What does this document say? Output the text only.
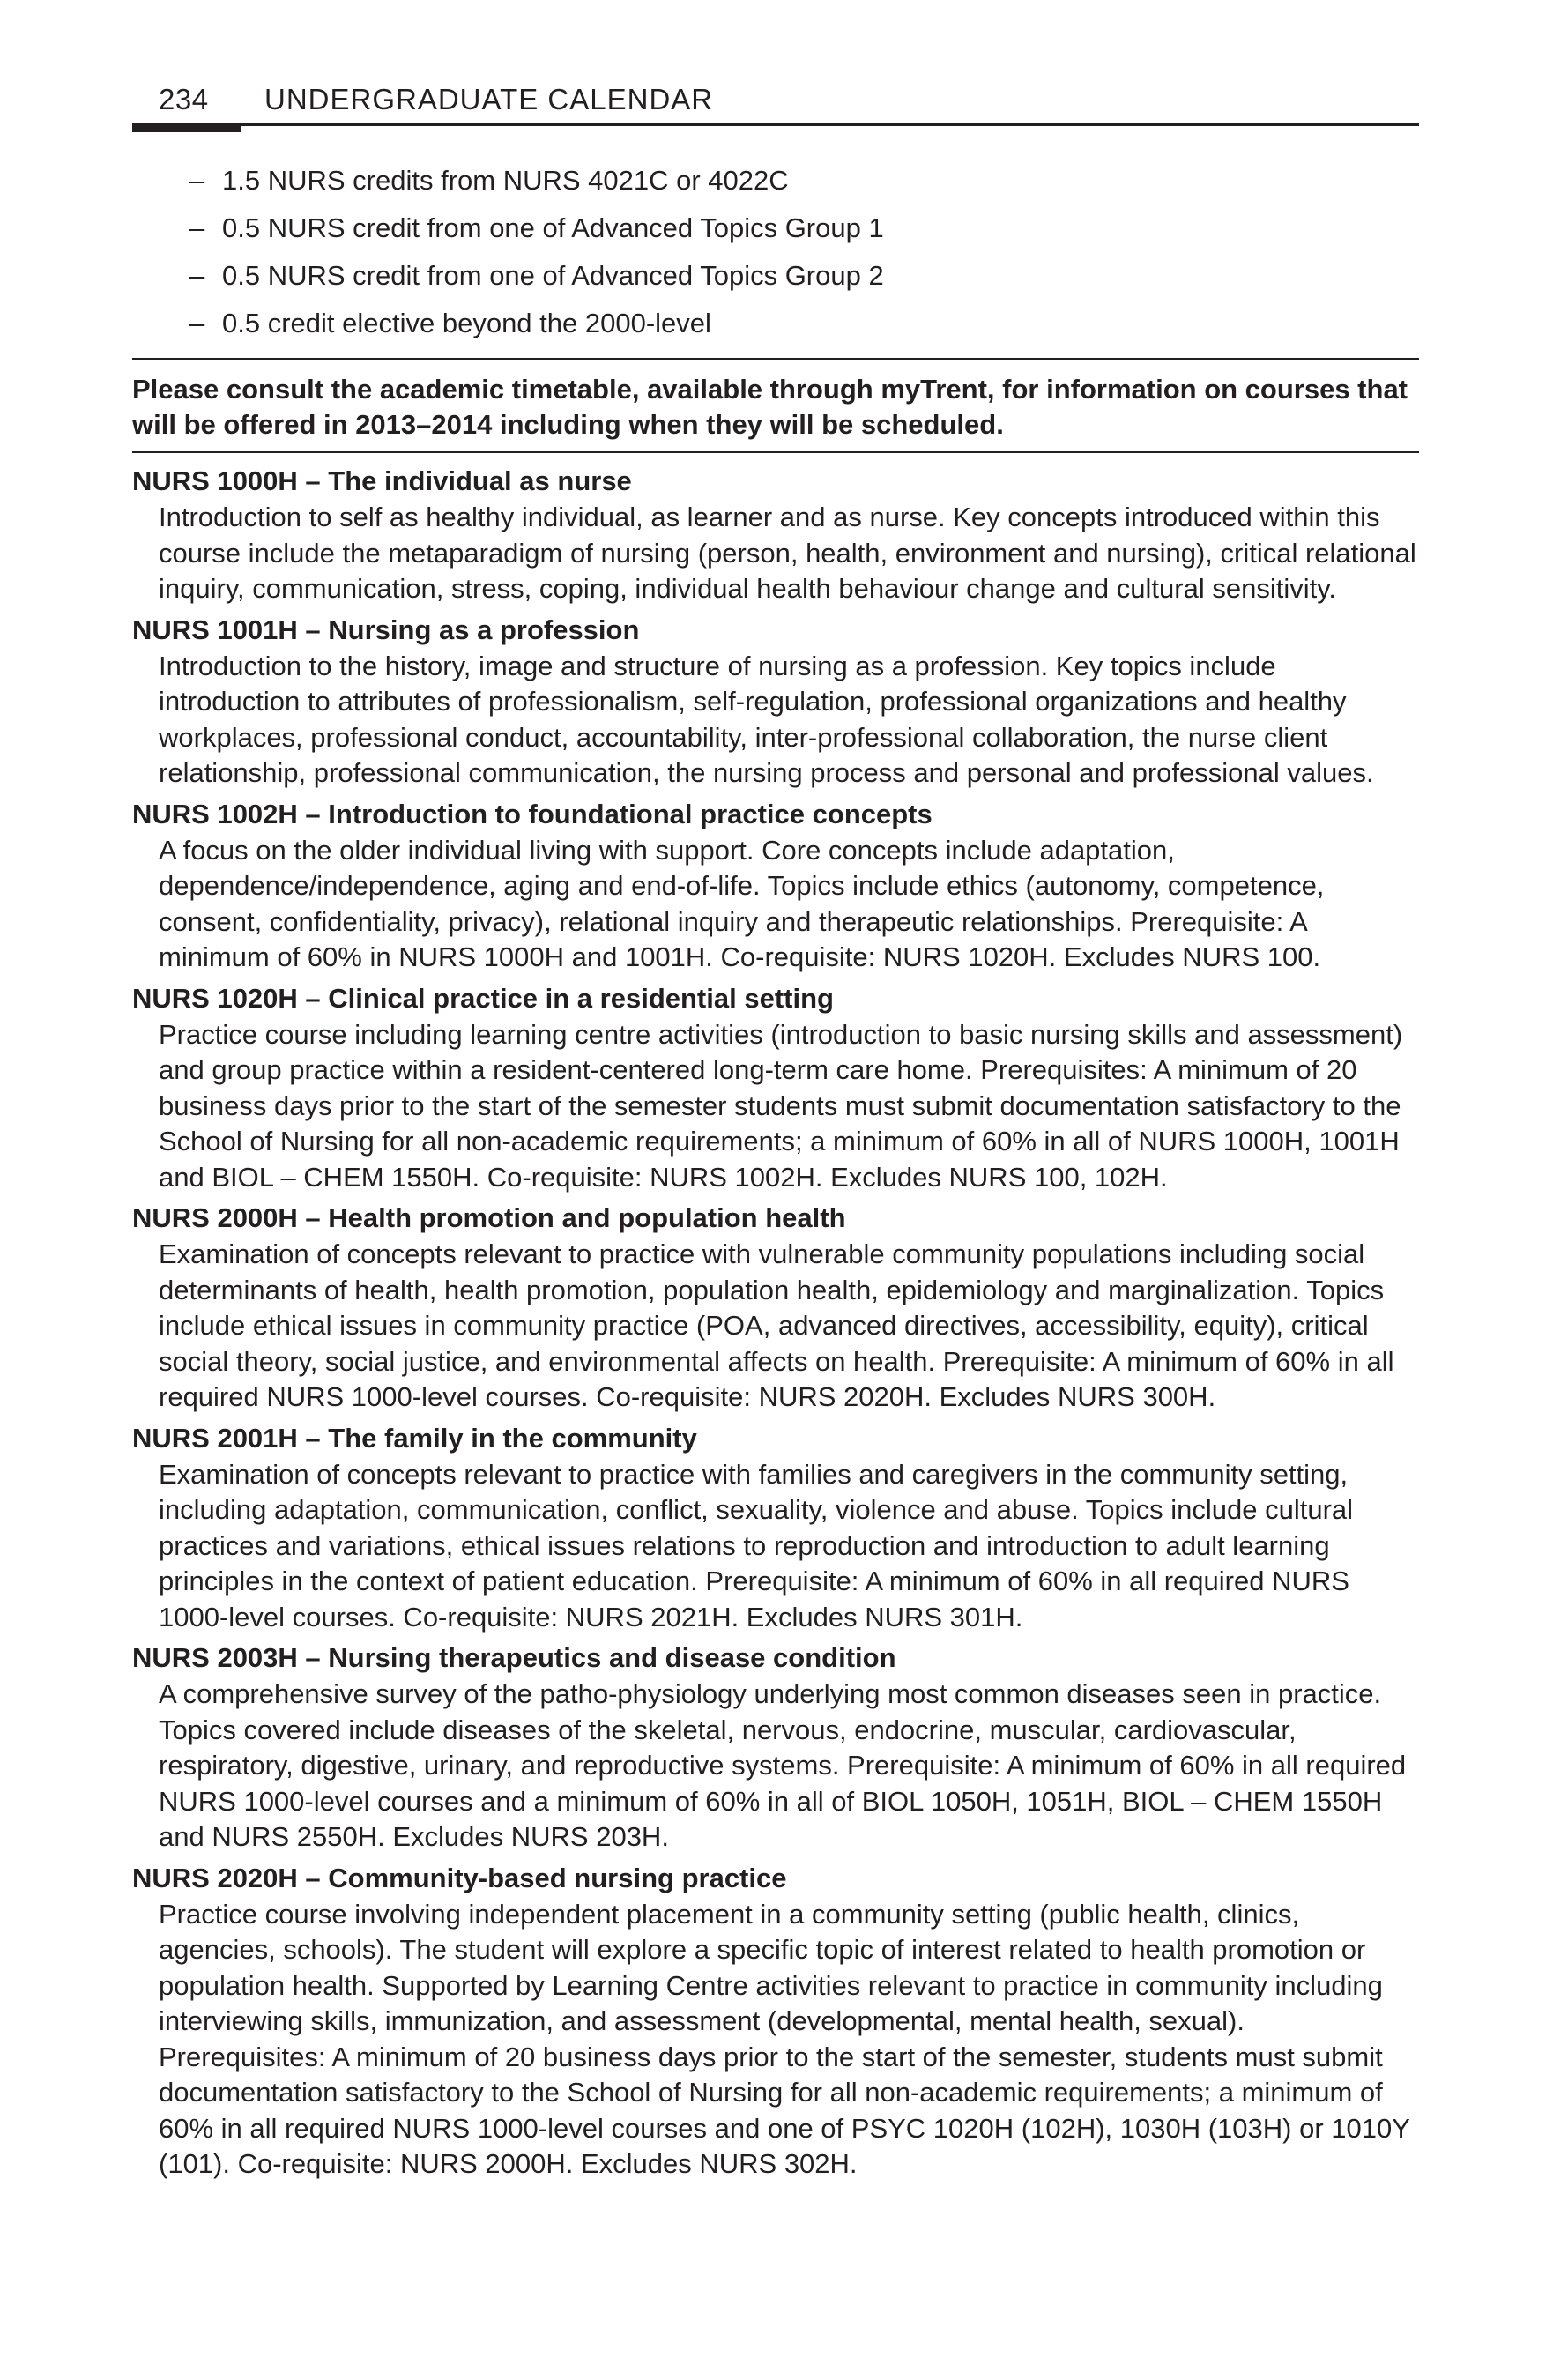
234 UNDERGRADUATE CALENDAR
– 1.5 NURS credits from NURS 4021C or 4022C
– 0.5 NURS credit from one of Advanced Topics Group 1
– 0.5 NURS credit from one of Advanced Topics Group 2
– 0.5 credit elective beyond the 2000-level
Please consult the academic timetable, available through myTrent, for information on courses that will be offered in 2013–2014 including when they will be scheduled.
NURS 1000H – The individual as nurse
Introduction to self as healthy individual, as learner and as nurse. Key concepts introduced within this course include the metaparadigm of nursing (person, health, environment and nursing), critical relational inquiry, communication, stress, coping, individual health behaviour change and cultural sensitivity.
NURS 1001H – Nursing as a profession
Introduction to the history, image and structure of nursing as a profession. Key topics include introduction to attributes of professionalism, self-regulation, professional organizations and healthy workplaces, professional conduct, accountability, inter-professional collaboration, the nurse client relationship, professional communication, the nursing process and personal and professional values.
NURS 1002H – Introduction to foundational practice concepts
A focus on the older individual living with support. Core concepts include adaptation, dependence/independence, aging and end-of-life. Topics include ethics (autonomy, competence, consent, confidentiality, privacy), relational inquiry and therapeutic relationships. Prerequisite: A minimum of 60% in NURS 1000H and 1001H. Co-requisite: NURS 1020H. Excludes NURS 100.
NURS 1020H – Clinical practice in a residential setting
Practice course including learning centre activities (introduction to basic nursing skills and assessment) and group practice within a resident-centered long-term care home. Prerequisites: A minimum of 20 business days prior to the start of the semester students must submit documentation satisfactory to the School of Nursing for all non-academic requirements; a minimum of 60% in all of NURS 1000H, 1001H and BIOL – CHEM 1550H. Co-requisite: NURS 1002H. Excludes NURS 100, 102H.
NURS 2000H – Health promotion and population health
Examination of concepts relevant to practice with vulnerable community populations including social determinants of health, health promotion, population health, epidemiology and marginalization. Topics include ethical issues in community practice (POA, advanced directives, accessibility, equity), critical social theory, social justice, and environmental affects on health. Prerequisite: A minimum of 60% in all required NURS 1000-level courses. Co-requisite: NURS 2020H. Excludes NURS 300H.
NURS 2001H – The family in the community
Examination of concepts relevant to practice with families and caregivers in the community setting, including adaptation, communication, conflict, sexuality, violence and abuse. Topics include cultural practices and variations, ethical issues relations to reproduction and introduction to adult learning principles in the context of patient education. Prerequisite: A minimum of 60% in all required NURS 1000-level courses. Co-requisite: NURS 2021H. Excludes NURS 301H.
NURS 2003H – Nursing therapeutics and disease condition
A comprehensive survey of the patho-physiology underlying most common diseases seen in practice. Topics covered include diseases of the skeletal, nervous, endocrine, muscular, cardiovascular, respiratory, digestive, urinary, and reproductive systems. Prerequisite: A minimum of 60% in all required NURS 1000-level courses and a minimum of 60% in all of BIOL 1050H, 1051H, BIOL – CHEM 1550H and NURS 2550H. Excludes NURS 203H.
NURS 2020H – Community-based nursing practice
Practice course involving independent placement in a community setting (public health, clinics, agencies, schools). The student will explore a specific topic of interest related to health promotion or population health. Supported by Learning Centre activities relevant to practice in community including interviewing skills, immunization, and assessment (developmental, mental health, sexual). Prerequisites: A minimum of 20 business days prior to the start of the semester, students must submit documentation satisfactory to the School of Nursing for all non-academic requirements; a minimum of 60% in all required NURS 1000-level courses and one of PSYC 1020H (102H), 1030H (103H) or 1010Y (101). Co-requisite: NURS 2000H. Excludes NURS 302H.
